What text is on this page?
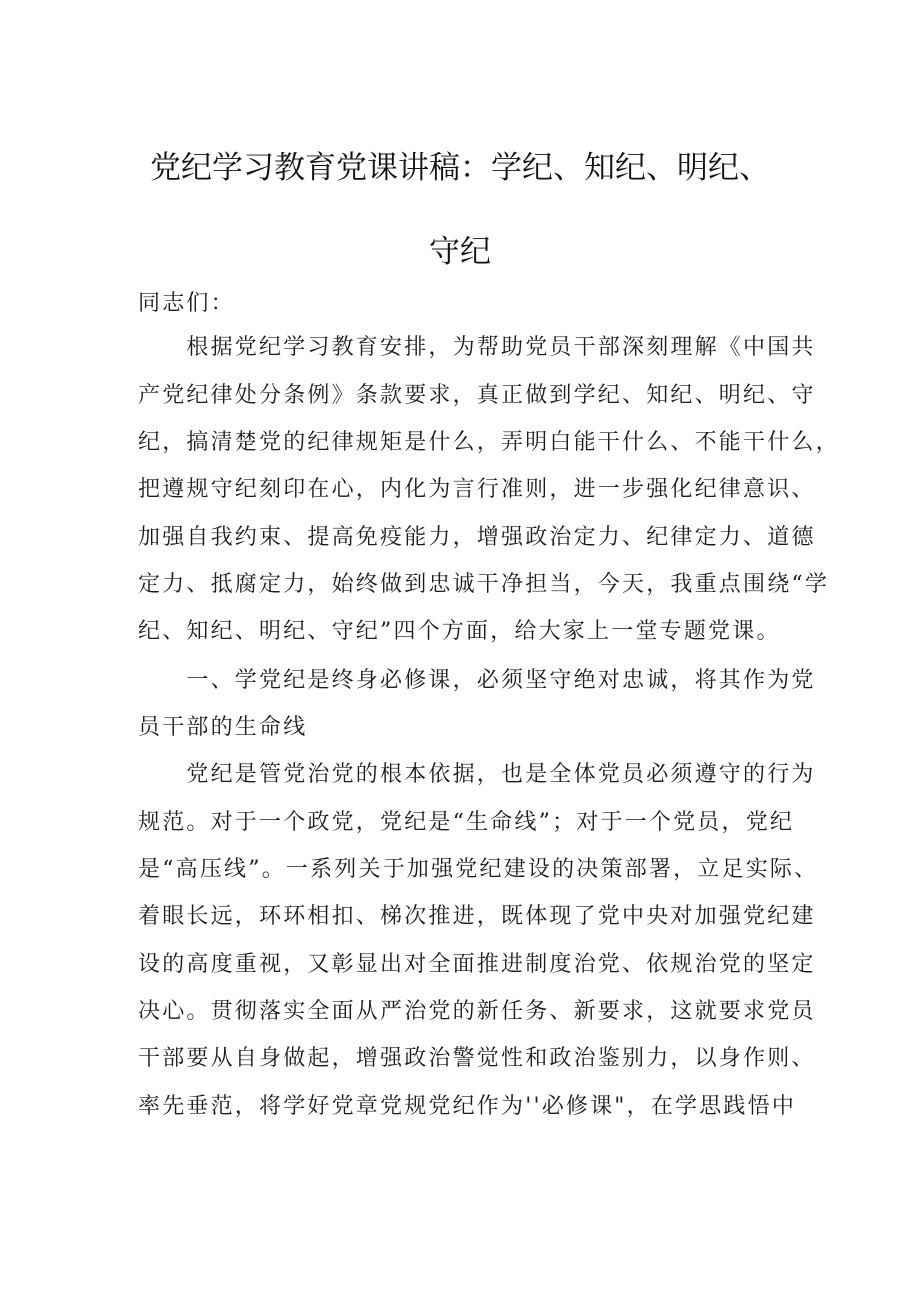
党纪学习教育党课讲稿：学纪、知纪、明纪、
守纪
同志们：
　　根据党纪学习教育安排，为帮助党员干部深刻理解《中国共
产党纪律处分条例》条款要求，真正做到学纪、知纪、明纪、守
纪，搞清楚党的纪律规矩是什么，弄明白能干什么、不能干什么，
把遵规守纪刻印在心，内化为言行准则，进一步强化纪律意识、
加强自我约束、提高免疫能力，增强政治定力、纪律定力、道德
定力、抵腐定力，始终做到忠诚干净担当，今天，我重点围绕“学
纪、知纪、明纪、守纪”四个方面，给大家上一堂专题党课。
　　一、学党纪是终身必修课，必须坚守绝对忠诚，将其作为党
员干部的生命线
　　党纪是管党治党的根本依据，也是全体党员必须遵守的行为
规范。对于一个政党，党纪是“生命线”；对于一个党员，党纪
是“高压线”。一系列关于加强党纪建设的决策部署，立足实际、
着眼长远，环环相扣、梯次推进，既体现了党中央对加强党纪建
设的高度重视，又彰显出对全面推进制度治党、依规治党的坚定
决心。贯彻落实全面从严治党的新任务、新要求，这就要求党员
干部要从自身做起，增强政治警觉性和政治鉴别力，以身作则、
率先垂范，将学好党章党规党纪作为''必修课"，在学思践悟中
